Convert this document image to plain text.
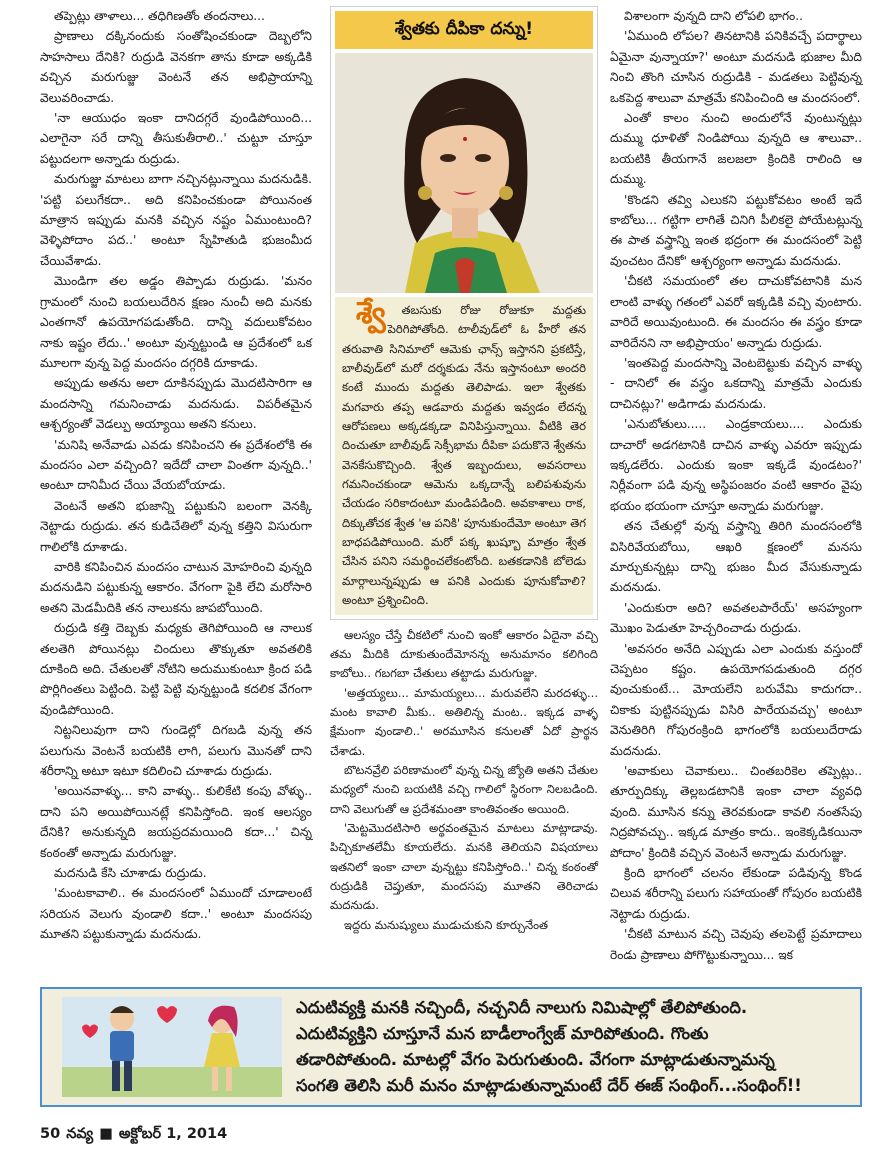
తప్పెట్లు తాళాలు... తధిగిణతోం తందనాలు...

ప్రాణాలు దక్కినందుకు సంతోషించకుండా దెబ్బలోని సాహసాలు దేనికి? రుద్రుడి వెనకగా తాను కూడా అక్కడికి వచ్చిన మరుగుజ్జు వెంటనే తన అభిప్రాయాన్ని వెలువరించాడు.

'నా ఆయుధం ఇంకా దానిదగ్గరే వుండిపోయింది... ఎలాగైనా సరే దాన్ని తీసుకుతీరాలి..' చుట్టూ చూస్తూ పట్టుదలగా అన్నాడు రుద్రుడు.

మరుగుజ్జు మాటలు బాగా నచ్చినట్లున్నాయి మదనుడికి. 'పట్టి పలుగేకదా.. అది కనిపించకుండా పోయినంత మాత్రాన ఇప్పుడు మనకి వచ్చిన నష్టం ఏముంటుంది? వెళ్ళిపోదాం పద..' అంటూ స్నేహితుడి భుజంమీద చేయివేశాడు.

మొండిగా తల అడ్డం తిప్పాడు రుద్రుడు. 'మనం గ్రామంలో నుంచి బయలుదేరిన క్షణం నుంచీ అది మనకు ఎంతగానో ఉపయోగపడుతోంది. దాన్ని వదులుకోవటం నాకు ఇష్టం లేదు..' అంటూ వున్నట్టుండి ఆ ప్రదేశంలో ఒక మూలగా వున్న పెద్ద మందసం దగ్గరికి దూకాడు.

అప్పుడు అతను అలా దూకినప్పుడు మొదటిసారిగా ఆ మందసాన్ని గమనించాడు మదనుడు. విపరీతమైన ఆశ్చర్యంతో వెడల్పు అయ్యాయి అతని కనులు.

'మనిషి అనేవాడు ఎవడు కనిపించని ఈ ప్రదేశంలోకి ఈ మందసం ఎలా వచ్చింది? ఇదేదో చాలా వింతగా వున్నది..' అంటూ దానిమీద చేయి వేయబోయాడు.

వెంటనే అతని భుజాన్ని పట్టుకుని బలంగా వెనక్కి నెట్టాడు రుద్రుడు. తన కుడిచేతిలో వున్న కత్తిని విసురుగా గాలిలోకి దూశాడు.

వారికి కనిపించిన మందసం చాటున మోహరించి వున్నది మదనుడిని పట్టుకున్న ఆకారం. వేగంగా పైకి లేచి మరోసారి అతని మెడమీదికి తన నాలుకను జాపబోయింది.

రుద్రుడి కత్తి దెబ్బకు మధ్యకు తెగిపోయింది ఆ నాలుక తలతెగి పోయినట్లు చిందులు తొక్కుతూ అవతలికి దూకింది అది. చేతులతో నోటిని అదుముకుంటూ క్రింద పడి పొర్లిగింతలు పెట్టింది. పెట్టి పెట్టి వున్నట్టుండి కదలిక వేగంగా వుండిపోయింది.

నిట్టనిలువుగా దాని గుండెల్లో దిగబడి వున్న తన పలుగును వెంటనే బయటికి లాగి, పలుగు మొనతో దాని శరీరాన్ని అటూ ఇటూ కదిలించి చూశాడు రుద్రుడు.

'అయినవాళ్ళు... కాని వాళ్ళు.. కులికేటి కంపు వోళ్ళు.. దాని పని అయిపోయినట్లే కనిపిస్తోంది. ఇంక ఆలస్యం దేనికి? అనుకున్నది జయప్రదమయింది కదా...' చిన్న కంఠంతో అన్నాడు మరుగుజ్జు.

మదనుడి కేసి చూశాడు రుద్రుడు.

'మంటకావాలి.. ఈ మందసంలో ఏముందో చూడాలంటే సరియన వెలుగు వుండాలి కదా..' అంటూ మందసపు మూతని పట్టుకున్నాడు మదనుడు.

శ్వేతకు దీపికా దన్ను!

శ్వే తబసుకు రోజు రోజుకూ మద్దతు పెరిగిపోతోంది. టాలీవుడ్‌లో ఓ హీరో తన తరువాతి సినిమాలో ఆమెకు ఛాన్స్ ఇస్తానని ప్రకటిస్తే, బాలీవుడ్‌లో మరో దర్శకుడు నేను ఇస్తానంటూ అందరి కంటే ముందు మద్దతు తెలిపాడు. ఇలా శ్వేతకు మగవారు తప్ప ఆడవారు మద్దతు ఇవ్వడం లేదన్న ఆరోపణలు అక్కడక్కడా వినిపిస్తున్నాయి. వీటికి తెర దించుతూ బాలీవుడ్ సెక్సీభామ దీపికా పదుకొనె శ్వేతను వెనకేసుకొచ్చింది. శ్వేత ఇబ్బందులు, అవసరాలు గమనించకుండా ఆమెను ఒక్కదాన్నే బలిపశువును చేయడం సరికాదంటూ మండిపడింది. అవకాశాలు రాక, దిక్కుతోచక శ్వేత 'ఆ పనికి' పూనుకుందేమో అంటూ తెగ బాధపడిపోయింది. మరో పక్క ఖుష్బూ మాత్రం శ్వేత చేసిన పనిని సమర్థించలేకంటోంది. బతకడానికి బోలెడు మార్గాలున్నప్పుడు ఆ పనికి ఎందుకు పూనుకోవాలి? అంటూ ప్రశ్నించింది.

ఆలస్యం చేస్తే చీకటిలో నుంచి ఇంకో ఆకారం ఏదైనా వచ్చి తమ మీదికి దూకుతుందేమోనన్న అనుమానం కలిగింది కాబోలు.. గబగబా చేతులు తట్టాడు మరుగుజ్జు.

'అత్తయ్యలు... మామయ్యలు... మరువలేని మరదళ్ళు... మంట కావాలి మీకు.. అతిలిన్న మంట.. ఇక్కడ వాళ్ళ క్షేమంగా వుండాలి..' అరమూసిన కనులతో ఏదో ప్రార్థన చేశాడు.

బొటనవ్రేలి పరిణామంలో వున్న చిన్న జ్యోతి అతని చేతుల మధ్యలో నుంచి బయటికి వచ్చి గాలిలో స్థిరంగా నిలబడింది. దాని వెలుగుతో ఆ ప్రదేశమంతా కాంతివంతం అయింది.

'మెట్టమొదటిసారి అర్థవంతమైన మాటలు మాట్లాడావు. పిచ్చికూతలేమీ కూయలేదు. మనకి తెలియని విషయాలు ఇతనిలో ఇంకా చాలా వున్నట్టు కనిపిస్తోంది..' చిన్న కంఠంతో రుద్రుడికి చెప్తుతూ, మందసపు మూతని తెరిచాడు మదనుడు.

ఇద్దరు మనుష్యులు ముడుచుకుని కూర్చునేంత

విశాలంగా వున్నది దాని లోపలి భాగం..

'ఏముంది లోపల? తినటానికి పనికివచ్చే పదార్థాలు ఏమైనా వున్నాయా?' అంటూ మదనుడి భుజాల మీది నించి తొంగి చూసిన రుద్రుడికి - మడతలు పెట్టివున్న ఒకపెద్ద శాలువా మాత్రమే కనిపించింది ఆ మందసంలో.

ఎంతో కాలం నుంచి అందులోనే వుంటున్నట్లు దుమ్ము ధూళితో నిండిపోయి వున్నది ఆ శాలువా.. బయటికి తీయగానే జలజలా క్రిందికి రాలింది ఆ దుమ్ము.

'కొండని తవ్వి ఎలుకని పట్టుకోవటం అంటే ఇదే కాబోలు... గట్టిగా లాగితే చినిగి పీలికలై పోయేటట్లున్న ఈ పాత వస్త్రాన్ని ఇంత భద్రంగా ఈ మందసంలో పెట్టి వుంచటం దేనికో' ఆశ్చర్యంగా అన్నాడు మదనుడు.

'చీకటి సమయంలో తల దాచుకోవటానికి మన లాంటి వాళ్ళు గతంలో ఎవరో ఇక్కడికి వచ్చి వుంటారు. వారిదే అయివుంటుంది. ఈ మందసం ఈ వస్త్రం కూడా వారిదేనని నా అభిప్రాయం' అన్నాడు రుద్రుడు.

'ఇంతపెద్ద మందసాన్ని వెంటబెట్టుకు వచ్చిన వాళ్ళు - దానిలో ఈ వస్త్రం ఒకదాన్ని మాత్రమే ఎందుకు దాచినట్లు?' అడిగాడు మదనుడు.

'ఎనుబోతులు..... ఎండ్రకాయలు.... ఎందుకు దాచారో అడగటానికి దాచిన వాళ్ళు ఎవరూ ఇప్పుడు ఇక్కడలేరు. ఎందుకు ఇంకా ఇక్కడే వుండటం?' నిర్లీవంగా పడి వున్న అస్థిపంజరం వంటి ఆకారం వైపు భయం భయంగా చూస్తూ అన్నాడు మరుగుజ్జు.

తన చేతుల్లో వున్న వస్త్రాన్ని తిరిగి మందసంలోకి విసిరివేయబోయి, ఆఖరి క్షణంలో మనసు మార్చుకున్నట్లు దాన్ని భుజం మీద వేసుకున్నాడు మదనుడు.

'ఎందుకురా అది? అవతలపారేయ్' అసహ్యంగా మొఖం పెడుతూ హెచ్చరించాడు రుద్రుడు.

'అవసరం అనేది ఎప్పుడు ఎలా ఎందుకు వస్తుందో చెప్పటం కష్టం. ఉపయోగపడుతుంది దగ్గర వుంచుకుంటే... మోయలేని బరువేమి కాదుగదా.. చికాకు పుట్టినప్పుడు విసిరి పారేయవచ్చు' అంటూ వెనుతిరిగి గోపురంక్రింది భాగంలోకి బయలుదేరాడు మదనుడు.

'అవాకులు చెవాకులు.. చింతబరికెల తప్పెట్లు.. తూర్పుదిక్కు తెల్లబడటానికి ఇంకా చాలా వ్యవధి వుంది. మూసిన కన్ను తెరవకుండా కావలి నంతసేపు నిద్రపోవచ్చు.. ఇక్కడ మాత్రం కాదు.. ఇంకెక్కడికయినా పోదాం' క్రిందికి వచ్చిన వెంటనే అన్నాడు మరుగుజ్జు.

క్రింది భాగంలో చలనం లేకుండా పడివున్న కొండ చిలువ శరీరాన్ని పలుగు సహాయంతో గోపురం బయటికి నెట్టాడు రుద్రుడు.

'చీకటి మాటున వచ్చి చెవుపు తలపెట్టే ప్రమాదాలు రెండు ప్రాణాలు పోగొట్టుకున్నాయి... ఇక

ఎదుటివ్యక్తి మనకి నచ్చిందీ, నచ్చనిదీ నాలుగు నిమిషాల్లో తేలిపోతుంది.
ఎదుటివ్యక్తిని చూస్తూనే మన బాడీలాంగ్వేజ్ మారిపోతుంది. గొంతు
తడారిపోతుంది. మాటల్లో వేగం పెరుగుతుంది. వేగంగా మాట్లాడుతున్నామన్న
సంగతి తెలిసి మరీ మనం మాట్లాడుతున్నామంటే దేర్ ఈజ్ సంథింగ్...సంథింగ్!!
50 నవ్య ■ అక్టోబర్ 1, 2014
